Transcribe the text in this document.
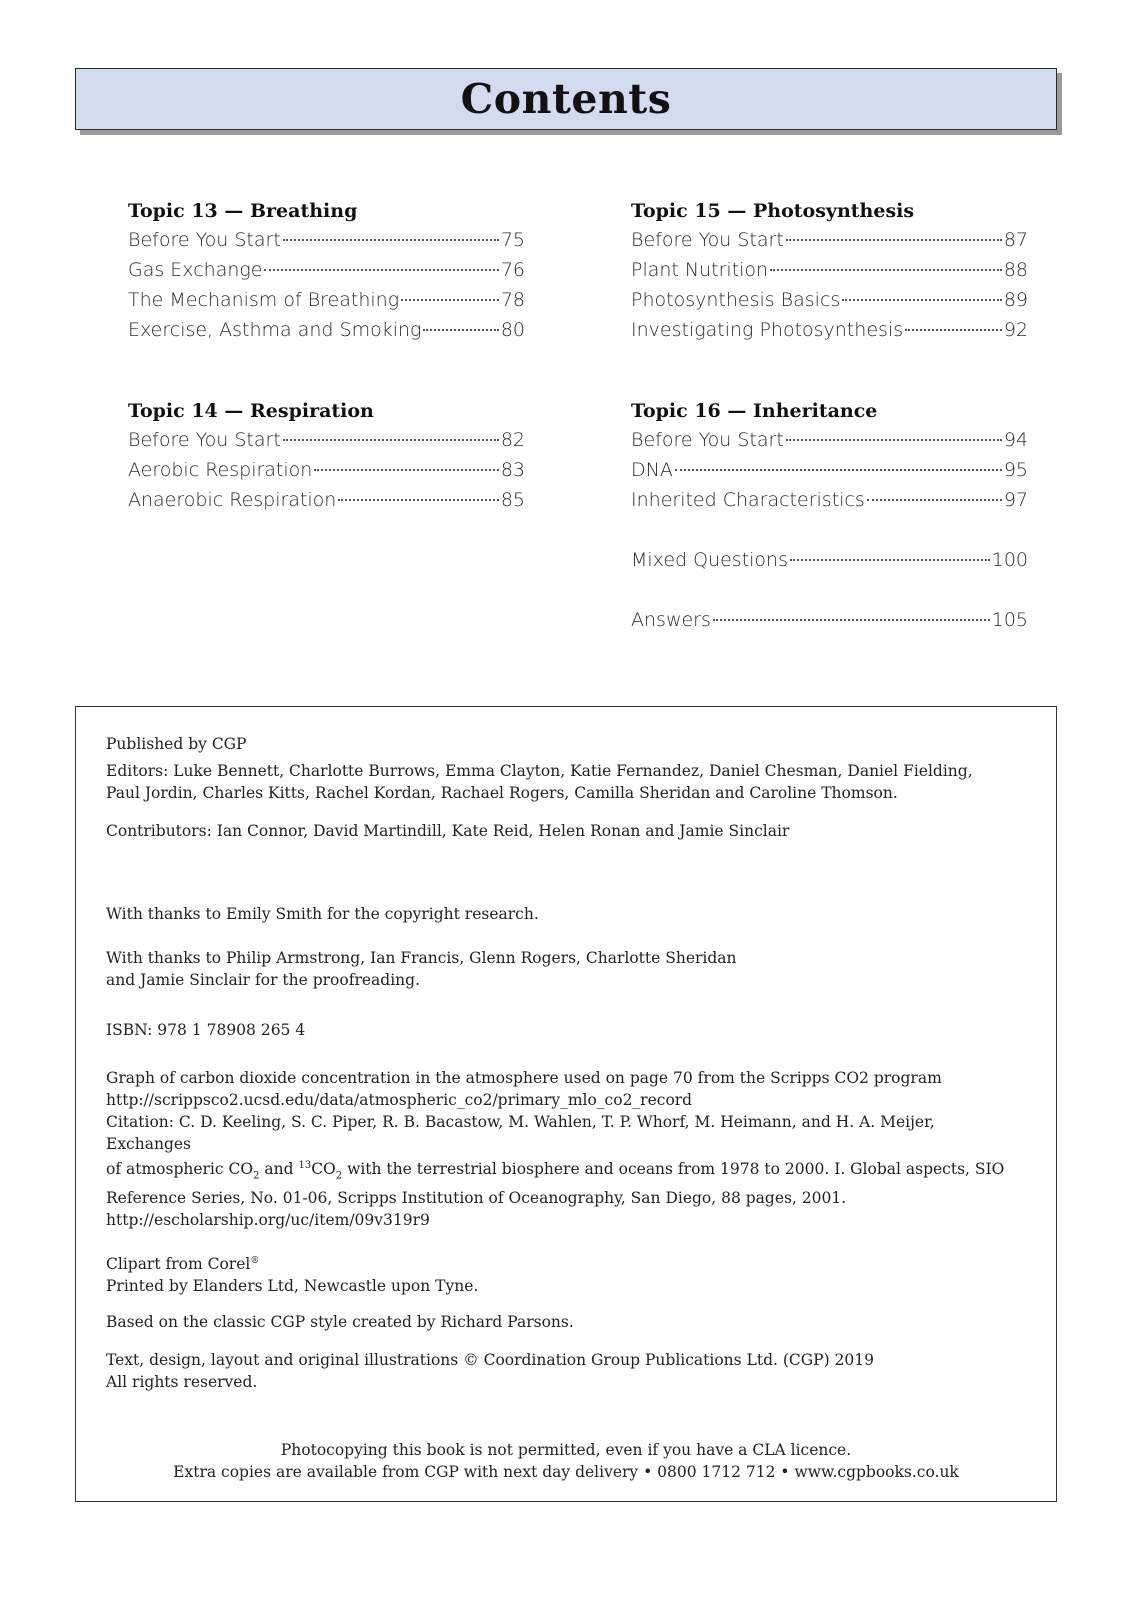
Contents
Topic 13 — Breathing
Before You Start	75
Gas Exchange	76
The Mechanism of Breathing	78
Exercise, Asthma and Smoking	80
Topic 14 — Respiration
Before You Start	82
Aerobic Respiration	83
Anaerobic Respiration	85
Topic 15 — Photosynthesis
Before You Start	87
Plant Nutrition	88
Photosynthesis Basics	89
Investigating Photosynthesis	92
Topic 16 — Inheritance
Before You Start	94
DNA	95
Inherited Characteristics	97
Mixed Questions	100
Answers	105
Published by CGP
Editors: Luke Bennett, Charlotte Burrows, Emma Clayton, Katie Fernandez, Daniel Chesman, Daniel Fielding,
Paul Jordin, Charles Kitts, Rachel Kordan, Rachael Rogers, Camilla Sheridan and Caroline Thomson.
Contributors: Ian Connor, David Martindill, Kate Reid, Helen Ronan and Jamie Sinclair
With thanks to Emily Smith for the copyright research.
With thanks to Philip Armstrong, Ian Francis, Glenn Rogers, Charlotte Sheridan
and Jamie Sinclair for the proofreading.
ISBN: 978 1 78908 265 4
Graph of carbon dioxide concentration in the atmosphere used on page 70 from the Scripps CO2 program
http://scrippsco2.ucsd.edu/data/atmospheric_co2/primary_mlo_co2_record
Citation: C. D. Keeling, S. C. Piper, R. B. Bacastow, M. Wahlen, T. P. Whorf, M. Heimann, and H. A. Meijer, Exchanges
of atmospheric $CO_2$ and $^{13}CO_2$ with the terrestrial biosphere and oceans from 1978 to 2000. I. Global aspects, SIO
Reference Series, No. 01-06, Scripps Institution of Oceanography, San Diego, 88 pages, 2001.
http://escholarship.org/uc/item/09v319r9
Clipart from Corel®
Printed by Elanders Ltd, Newcastle upon Tyne.
Based on the classic CGP style created by Richard Parsons.
Text, design, layout and original illustrations © Coordination Group Publications Ltd. (CGP) 2019
All rights reserved.
Photocopying this book is not permitted, even if you have a CLA licence.
Extra copies are available from CGP with next day delivery • 0800 1712 712 • www.cgpbooks.co.uk
